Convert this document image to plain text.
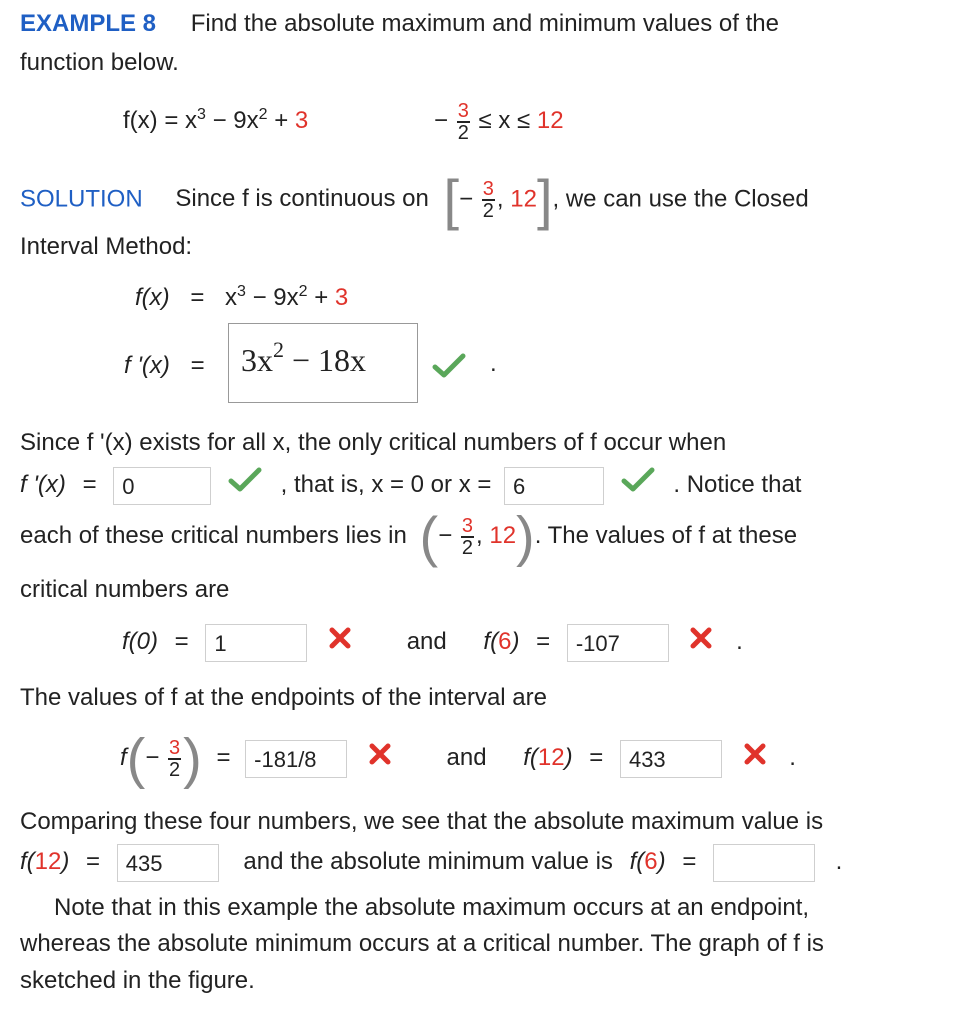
EXAMPLE 8 Find the absolute maximum and minimum values of the
function below.
$f(x) = x^3 - 9x^2 + 3$	− $\frac{3}{2} \le x \le 12$
SOLUTION Since f is continuous on [− $\frac{3}{2}$ , 12], we can use the Closed
Interval Method:
$f(x) = x^3 - 9x^2 + 3$
f '$(x) = 3x^2 - 18x$	.
Since f '(x) exists for all x, the only critical numbers of f occur when
f '(x) = 0	, that is, x = 0 or x = 6	. Notice that
each of these critical numbers lies in (− $\frac{3}{2}$ , 12). The values of f at these
critical numbers are
f(0) = 1	and f(6) = -107	.
The values of f at the endpoints of the interval are
$f(- \frac{3}{2}$ ) = -181/8	and f(12) = 433	.
Comparing these four numbers, we see that the absolute maximum value is
f(12) = 435	and the absolute minimum value is f(6) =	.
Note that in this example the absolute maximum occurs at an endpoint,
whereas the absolute minimum occurs at a critical number. The graph of f is
sketched in the figure.
